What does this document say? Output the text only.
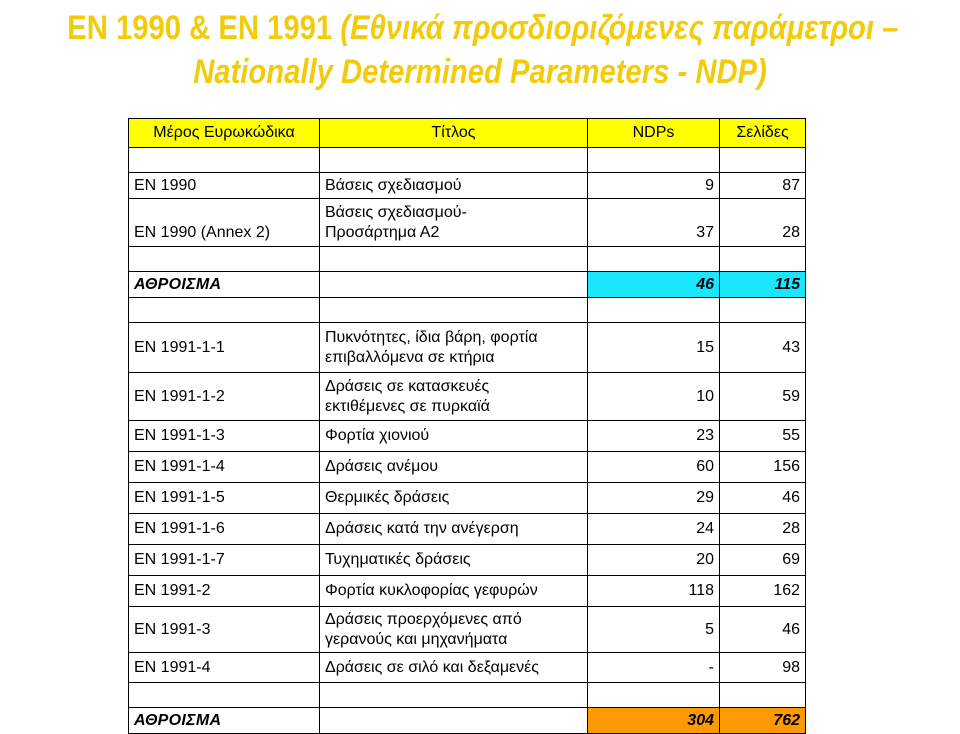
EN 1990 & EN 1991 (Εθνικά προσδιοριζόμενες παράμετροι –
Nationally Determined Parameters - NDP)
Μέρος Ευρωκώδικα	Τίτλος	NDPs	Σελίδες

EN 1990	Βάσεις σχεδιασμού	9	87
EN 1990 (Annex 2)	Βάσεις σχεδιασμού-
Προσάρτημα Α2	37	28

ΑΘΡΟΙΣΜΑ		46	115

EN 1991-1-1	Πυκνότητες, ίδια βάρη, φορτία
επιβαλλόμενα σε κτήρια	15	43
EN 1991-1-2	Δράσεις σε κατασκευές
εκτιθέμενες σε πυρκαϊά	10	59
EN 1991-1-3	Φορτία χιονιού	23	55
EN 1991-1-4	Δράσεις ανέμου	60	156
EN 1991-1-5	Θερμικές δράσεις	29	46
EN 1991-1-6	Δράσεις κατά την ανέγερση	24	28
EN 1991-1-7	Τυχηματικές δράσεις	20	69
EN 1991-2	Φορτία κυκλοφορίας γεφυρών	118	162
EN 1991-3	Δράσεις προερχόμενες από
γερανούς και μηχανήματα	5	46
EN 1991-4	Δράσεις σε σιλό και δεξαμενές	-	98

ΑΘΡΟΙΣΜΑ		304	762
